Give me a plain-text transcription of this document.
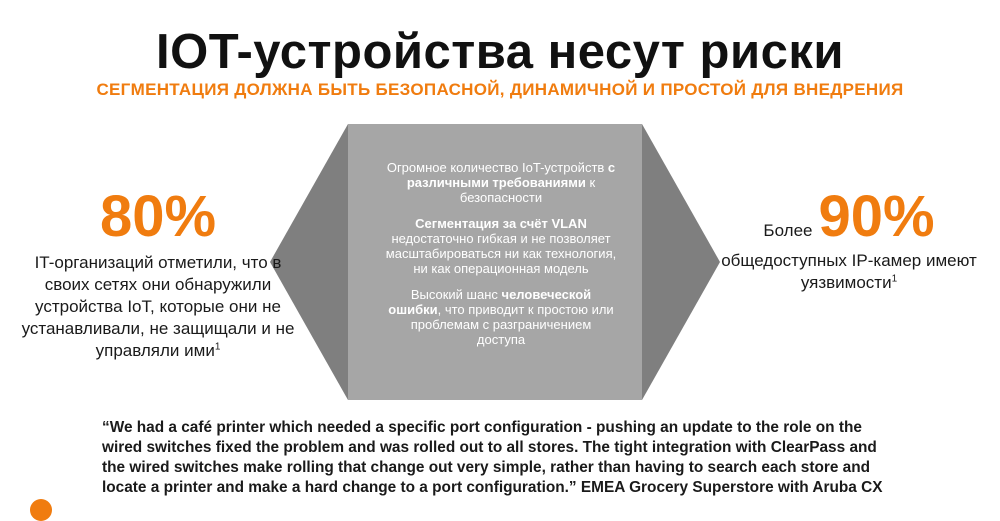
IOT-устройства несут риски
СЕГМЕНТАЦИЯ ДОЛЖНА БЫТЬ БЕЗОПАСНОЙ, ДИНАМИЧНОЙ И ПРОСТОЙ ДЛЯ ВНЕДРЕНИЯ

Огромное количество IoT-устройств с различными требованиями к безопасности

Сегментация за счёт VLAN недостаточно гибкая и не позволяет масштабироваться ни как технология, ни как операционная модель

Высокий шанс человеческой ошибки, что приводит к простою или проблемам с разграничением доступа

80%
IT-организаций отметили, что в своих сетях они обнаружили устройства IoT, которые они не устанавливали, не защищали и не управляли ими$^1$
Более 90%
общедоступных IP-камер имеют уязвимости$^1$
“We had a café printer which needed a specific port configuration - pushing an update to the role on the wired switches fixed the problem and was rolled out to all stores. The tight integration with ClearPass and the wired switches make rolling that change out very simple, rather than having to search each store and locate a printer and make a hard change to a port configuration.” EMEA Grocery Superstore with Aruba CX
